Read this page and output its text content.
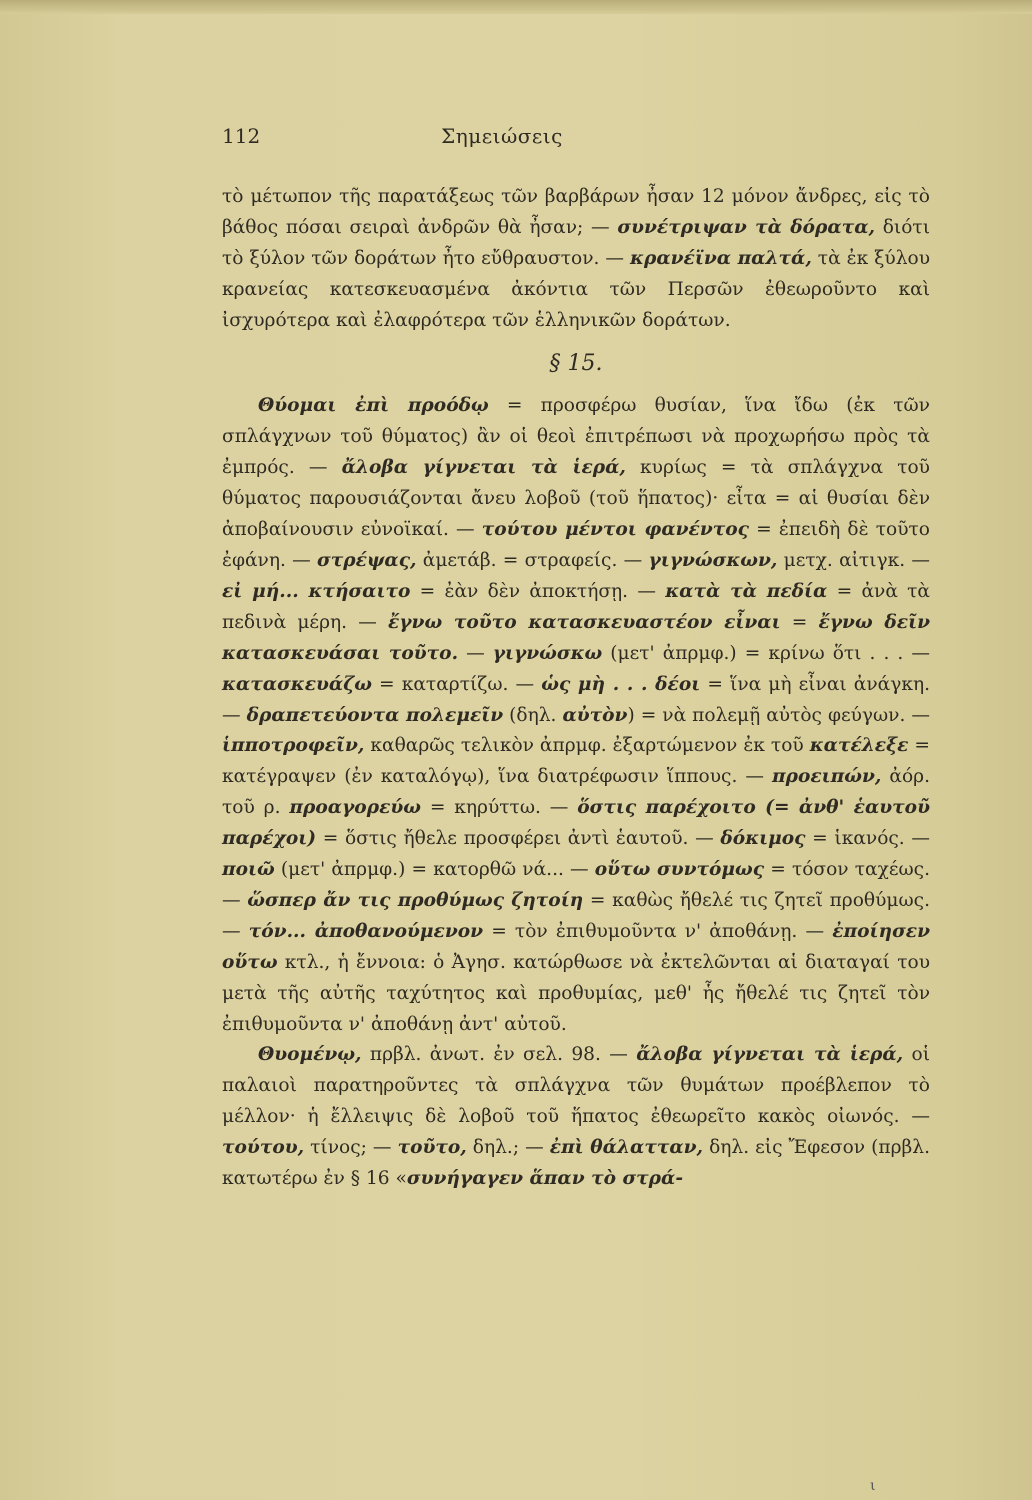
112	Σημειώσεις

τὸ μέτωπον τῆς παρατάξεως τῶν βαρβάρων ἦσαν 12 μόνον ἄνδρες, εἰς τὸ βάθος πόσαι σειραὶ ἀνδρῶν θὰ ἦσαν; — συνέτριψαν τὰ δόρατα, διότι τὸ ξύλον τῶν δοράτων ἦτο εὔθραυστον. — κρανέϊνα παλτά, τὰ ἐκ ξύλου κρανείας κατεσκευασμένα ἀκόντια τῶν Περσῶν ἐθεωροῦντο καὶ ἰσχυρότερα καὶ ἐλαφρότερα τῶν ἑλληνικῶν δοράτων.

§ 15.

Θύομαι ἐπὶ προόδῳ = προσφέρω θυσίαν, ἵνα ἴδω (ἐκ τῶν σπλάγχνων τοῦ θύματος) ἂν οἱ θεοὶ ἐπιτρέπωσι νὰ προχωρήσω πρὸς τὰ ἐμπρός. — ἄλοβα γίγνεται τὰ ἱερά, κυρίως = τὰ σπλάγχνα τοῦ θύματος παρουσιάζονται ἄνευ λοβοῦ (τοῦ ἥπατος)· εἶτα = αἱ θυσίαι δὲν ἀποβαίνουσιν εὐνοϊκαί. — τούτου μέντοι φανέντος = ἐπειδὴ δὲ τοῦτο ἐφάνη. — στρέψας, ἀμετάβ. = στραφείς. — γιγνώσκων, μετχ. αἰτιγκ. — εἰ μή... κτήσαιτο = ἐὰν δὲν ἀποκτήσῃ. — κατὰ τὰ πεδία = ἀνὰ τὰ πεδινὰ μέρη. — ἔγνω τοῦτο κατασκευαστέον εἶναι = ἔγνω δεῖν κατασκευάσαι τοῦτο. — γιγνώσκω (μετ' ἀπρμφ.) = κρίνω ὅτι . . . — κατασκευάζω = καταρτίζω. — ὡς μὴ . . . δέοι = ἵνα μὴ εἶναι ἀνάγκη. — δραπετεύοντα πολεμεῖν (δηλ. αὐτὸν) = νὰ πολεμῇ αὐτὸς φεύγων. — ἱπποτροφεῖν, καθαρῶς τελικὸν ἀπρμφ. ἐξαρτώμενον ἐκ τοῦ κατέλεξε = κατέγραψεν (ἐν καταλόγῳ), ἵνα διατρέφωσιν ἵππους. — προειπών, ἀόρ. τοῦ ρ. προαγορεύω = κηρύττω. — ὅστις παρέχοιτο (= ἀνθ' ἑαυτοῦ παρέχοι) = ὅστις ἤθελε προσφέρει ἀντὶ ἑαυτοῦ. — δόκιμος = ἱκανός. — ποιῶ (μετ' ἀπρμφ.) = κατορθῶ νά... — οὕτω συντόμως = τόσον ταχέως. — ὥσπερ ἄν τις προθύμως ζητοίη = καθὼς ἤθελέ τις ζητεῖ προθύμως. — τόν... ἀποθανούμενον = τὸν ἐπιθυμοῦντα ν' ἀποθάνῃ. — ἐποίησεν οὕτω κτλ., ἡ ἔννοια: ὁ Ἀγησ. κατώρθωσε νὰ ἐκτελῶνται αἱ διαταγαί του μετὰ τῆς αὐτῆς ταχύτητος καὶ προθυμίας, μεθ' ἧς ἤθελέ τις ζητεῖ τὸν ἐπιθυμοῦντα ν' ἀποθάνῃ ἀντ' αὐτοῦ.

Θυομένῳ, πρβλ. ἀνωτ. ἐν σελ. 98. — ἄλοβα γίγνεται τὰ ἱερά, οἱ παλαιοὶ παρατηροῦντες τὰ σπλάγχνα τῶν θυμάτων προέβλεπον τὸ μέλλον· ἡ ἔλλειψις δὲ λοβοῦ τοῦ ἥπατος ἐθεωρεῖτο κακὸς οἰωνός. — τούτου, τίνος; — τοῦτο, δηλ.; — ἐπὶ θάλατταν, δηλ. εἰς Ἔφεσον (πρβλ. κατωτέρω ἐν § 16 «συνήγαγεν ἅπαν τὸ στρά-

ι
